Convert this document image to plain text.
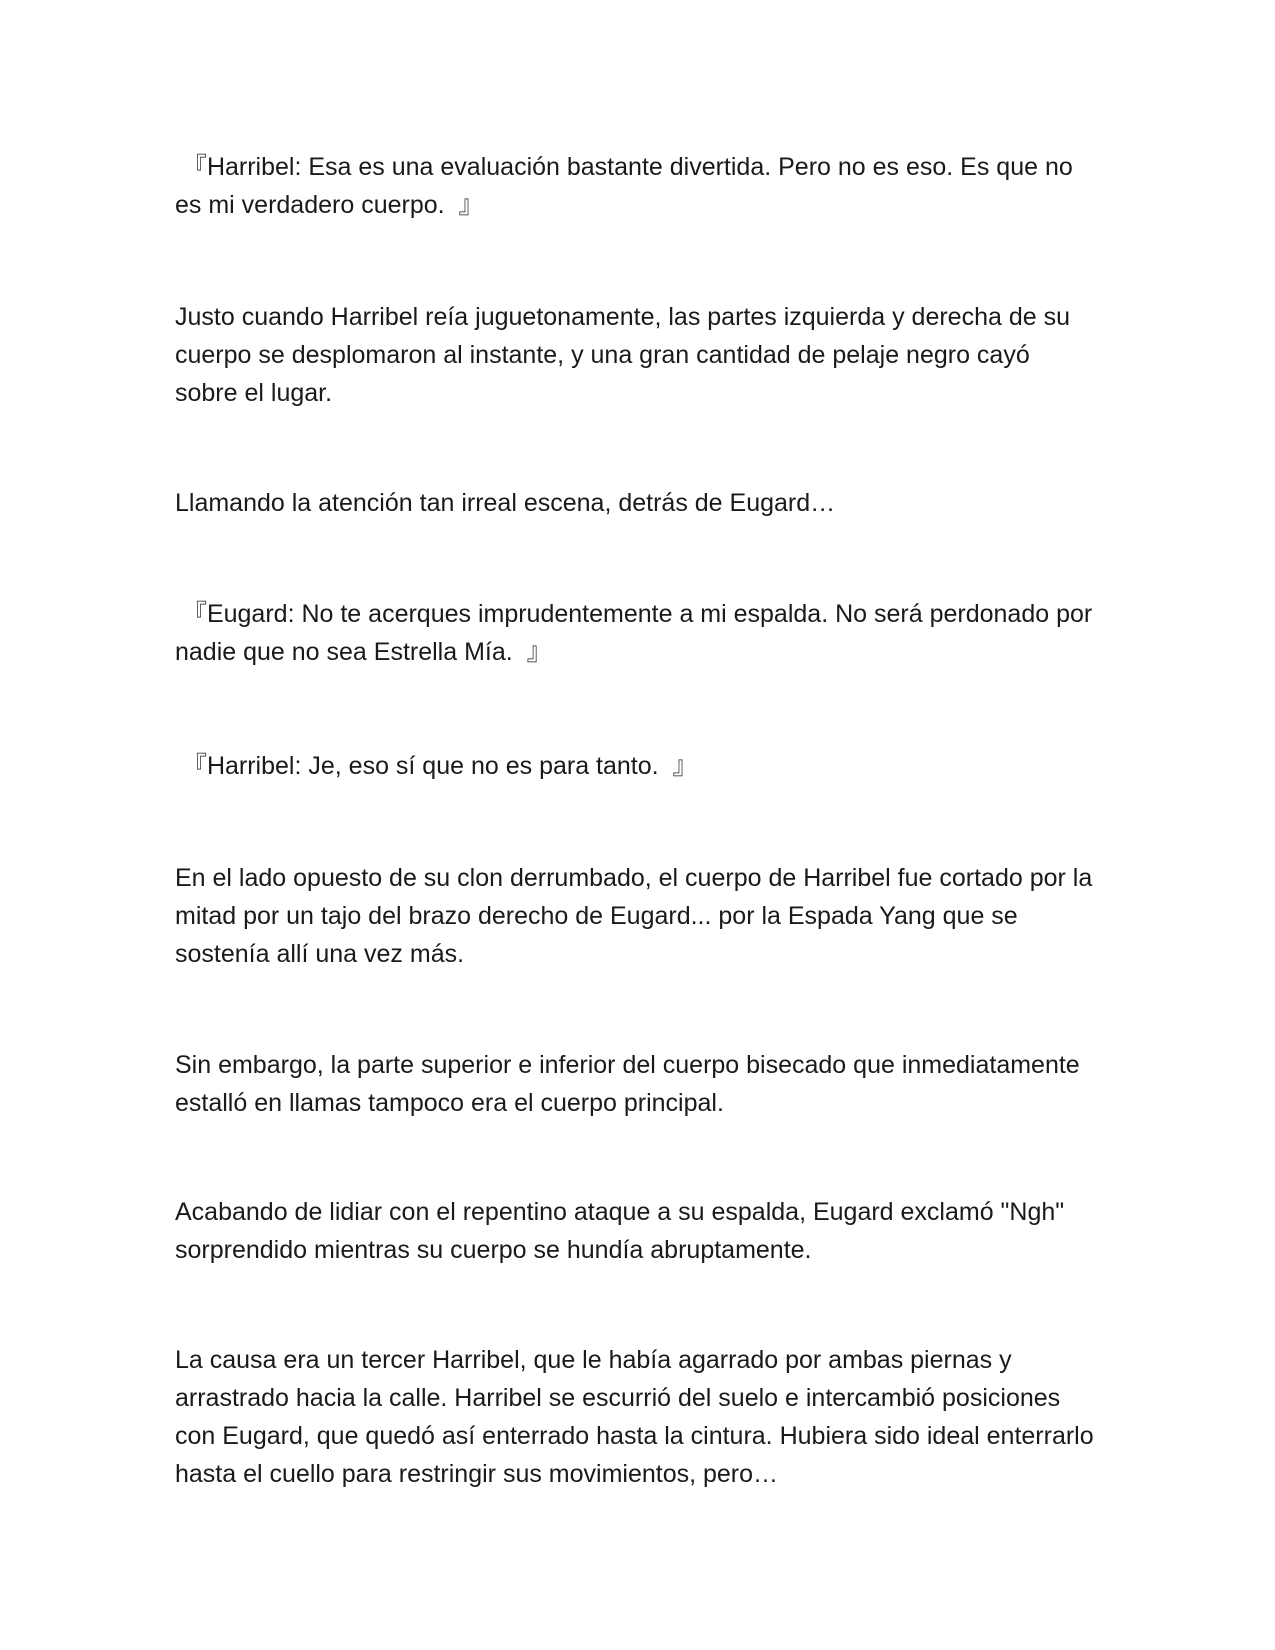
『Harribel: Esa es una evaluación bastante divertida. Pero no es eso. Es que no es mi verdadero cuerpo.  』

Justo cuando Harribel reía juguetonamente, las partes izquierda y derecha de su cuerpo se desplomaron al instante, y una gran cantidad de pelaje negro cayó sobre el lugar.

Llamando la atención tan irreal escena, detrás de Eugard…

『Eugard: No te acerques imprudentemente a mi espalda. No será perdonado por nadie que no sea Estrella Mía.  』

『Harribel: Je, eso sí que no es para tanto.  』

En el lado opuesto de su clon derrumbado, el cuerpo de Harribel fue cortado por la mitad por un tajo del brazo derecho de Eugard... por la Espada Yang que se sostenía allí una vez más.

Sin embargo, la parte superior e inferior del cuerpo bisecado que inmediatamente estalló en llamas tampoco era el cuerpo principal.

Acabando de lidiar con el repentino ataque a su espalda, Eugard exclamó "Ngh" sorprendido mientras su cuerpo se hundía abruptamente.

La causa era un tercer Harribel, que le había agarrado por ambas piernas y arrastrado hacia la calle. Harribel se escurrió del suelo e intercambió posiciones con Eugard, que quedó así enterrado hasta la cintura. Hubiera sido ideal enterrarlo hasta el cuello para restringir sus movimientos, pero…
